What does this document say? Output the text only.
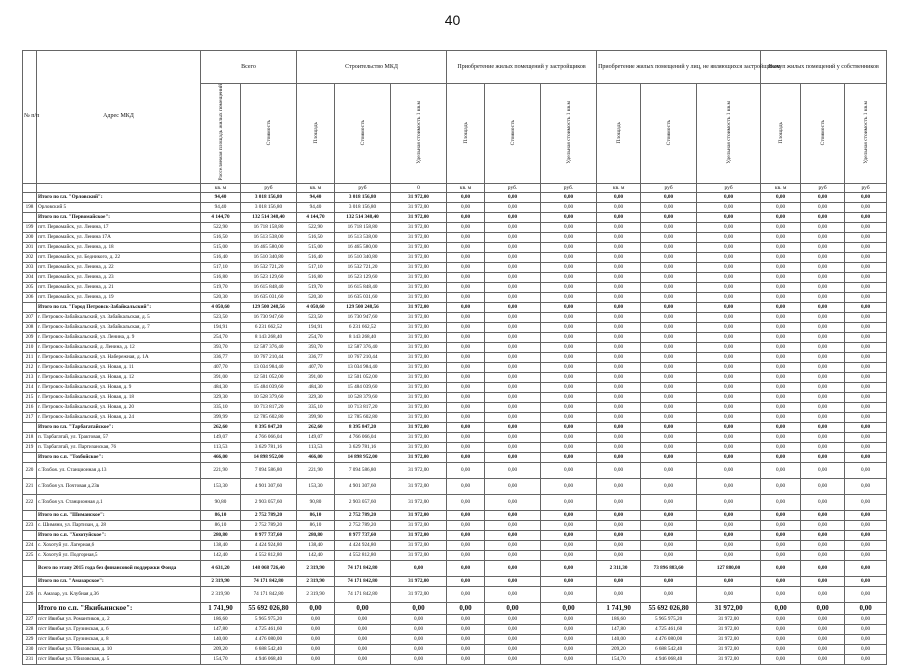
40
№ п/п	Адрес МКД	Всего		Строительство МКД			Приобретение жилых помещений у застройщиков			Приобретение жилых помещений у лиц, не являющихся застройщиком			Выкуп жилых помещений у собственников		
		Расселяемая площадь жилых помещений	Стоимость	Площадь	Стоимость	Удельная стоимость 1 кв.м	Площадь	Стоимость	Удельная стоимость 1 кв.м	Площадь	Стоимость	Удельная стоимость 1 кв.м	Площадь	Стоимость	Удельная стоимость 1 кв.м
		кв. м	руб	кв. м	руб	0	кв. м	руб.	руб.	кв. м	руб	руб	кв. м	руб	руб
	Итого по г.п. "Орловский":	94,40	3 018 156,80	94,40	3 018 156,80	31 972,00	0,00	0,00	0,00	0,00	0,00	0,00	0,00	0,00	0,00
198	Орловский 5	94,40	3 018 156,80	94,40	3 018 156,80	31 972,00	0,00	0,00	0,00	0,00	0,00	0,00	0,00	0,00	0,00
	Итого по г.п. "Первомайское":	4 144,70	132 514 348,40	4 144,70	132 514 348,40	31 972,00	0,00	0,00	0,00	0,00	0,00	0,00	0,00	0,00	0,00
199	пгт. Первомайск, ул. Ленина, 17	522,90	16 718 158,80	522,90	16 718 158,80	31 972,00	0,00	0,00	0,00	0,00	0,00	0,00	0,00	0,00	0,00
200	пгт. Первомайск, ул. Ленина 17А	516,50	16 513 538,00	516,50	16 513 538,00	31 972,00	0,00	0,00	0,00	0,00	0,00	0,00	0,00	0,00	0,00
201	пгт. Первомайск, ул. Ленина, д. 18	515,00	16 465 580,00	515,00	16 465 580,00	31 972,00	0,00	0,00	0,00	0,00	0,00	0,00	0,00	0,00	0,00
202	пгт. Первомайск, ул. Бедникого, д. 22	516,40	16 510 340,80	516,40	16 510 340,80	31 972,00	0,00	0,00	0,00	0,00	0,00	0,00	0,00	0,00	0,00
203	пгт. Первомайск, ул. Ленина, д. 22	517,10	16 532 721,20	517,10	16 532 721,20	31 972,00	0,00	0,00	0,00	0,00	0,00	0,00	0,00	0,00	0,00
204	пгт. Первомайск, ул. Ленина, д. 23	516,80	16 523 129,60	516,80	16 523 129,60	31 972,00	0,00	0,00	0,00	0,00	0,00	0,00	0,00	0,00	0,00
205	пгт. Первомайск, ул. Ленина, д. 21	519,70	16 615 848,40	519,70	16 615 848,40	31 972,00	0,00	0,00	0,00	0,00	0,00	0,00	0,00	0,00	0,00
206	пгт. Первомайск, ул. Ленина, д. 19	520,30	16 635 031,60	520,30	16 635 031,60	31 972,00	0,00	0,00	0,00	0,00	0,00	0,00	0,00	0,00	0,00
	Итого по г.п. "Город Петровск-Забайкальский":	4 050,60	129 500 248,56	4 050,60	129 500 248,56	31 972,00	0,00	0,00	0,00	0,00	0,00	0,00	0,00	0,00	0,00
207	г. Петровск-Забайкальский, ул. Забайкальская, д. 5	523,50	16 730 947,60	523,50	16 730 947,60	31 972,00	0,00	0,00	0,00	0,00	0,00	0,00	0,00	0,00	0,00
208	г. Петровск-Забайкальский, ул. Забайкальская, д. 7	194,91	6 231 662,52	194,91	6 231 662,52	31 972,00	0,00	0,00	0,00	0,00	0,00	0,00	0,00	0,00	0,00
209	г. Петровск-Забайкальский, ул. Ленина, д. 9	254,70	8 143 268,40	254,70	8 143 268,40	31 972,00	0,00	0,00	0,00	0,00	0,00	0,00	0,00	0,00	0,00
210	г. Петровск-Забайкальский, д. Ленина, д. 12	393,70	12 587 376,40	393,70	12 587 376,40	31 972,00	0,00	0,00	0,00	0,00	0,00	0,00	0,00	0,00	0,00
211	г. Петровск-Забайкальский, ул. Набережная, д. 1А	336,77	10 767 210,44	336,77	10 767 210,44	31 972,00	0,00	0,00	0,00	0,00	0,00	0,00	0,00	0,00	0,00
212	г. Петровск-Забайкальский, ул. Новая, д. 11	407,70	13 034 984,40	407,70	13 034 984,40	31 972,00	0,00	0,00	0,00	0,00	0,00	0,00	0,00	0,00	0,00
213	г. Петровск-Забайкальский, ул. Новая, д. 12	391,00	12 501 052,00	391,00	12 501 052,00	31 972,00	0,00	0,00	0,00	0,00	0,00	0,00	0,00	0,00	0,00
214	г. Петровск-Забайкальский, ул. Новая, д. 9	484,30	15 484 039,60	484,30	15 484 039,60	31 972,00	0,00	0,00	0,00	0,00	0,00	0,00	0,00	0,00	0,00
215	г. Петровск-Забайкальский, ул. Новая, д. 18	329,30	10 528 379,60	329,30	10 528 379,60	31 972,00	0,00	0,00	0,00	0,00	0,00	0,00	0,00	0,00	0,00
216	г. Петровск-Забайкальский, ул. Новая, д. 20	335,10	10 713 817,20	335,10	10 713 817,20	31 972,00	0,00	0,00	0,00	0,00	0,00	0,00	0,00	0,00	0,00
217	г. Петровск-Забайкальский, ул. Новая, д. 24	399,99	12 785 602,80	399,90	12 785 602,80	31 972,00	0,00	0,00	0,00	0,00	0,00	0,00	0,00	0,00	0,00
	Итого по г.п. "Тарбагатайское":	262,60	8 395 847,20	262,60	8 395 847,20	31 972,00	0,00	0,00	0,00	0,00	0,00	0,00	0,00	0,00	0,00
218	п. Тарбагатай, ул. Трактовая, 57	149,07	4 766 066,04	149,07	4 766 066,04	31 972,00	0,00	0,00	0,00	0,00	0,00	0,00	0,00	0,00	0,00
219	п. Тарбагатай, ул. Партизанская, 76	113,53	3 629 781,16	113,53	3 629 781,16	31 972,00	0,00	0,00	0,00	0,00	0,00	0,00	0,00	0,00	0,00
	Итого по с.п. "Тохбойское":	466,00	14 898 952,00	466,00	14 898 952,00	31 972,00	0,00	0,00	0,00	0,00	0,00	0,00	0,00	0,00	0,00
220	с.Тохбоя. ул. Станционная д.13	221,90	7 094 586,80	221,90	7 094 586,80	31 972,00	0,00	0,00	0,00	0,00	0,00	0,00	0,00	0,00	0,00
221	с.Тохбоя ул. Почтовая д.23в	153,30	4 901 307,60	153,30	4 901 307,60	31 972,00	0,00	0,00	0,00	0,00	0,00	0,00	0,00	0,00	0,00
222	с.Тохбоя ул. Станционная д.1	90,80	2 903 057,60	90,80	2 903 057,60	31 972,00	0,00	0,00	0,00	0,00	0,00	0,00	0,00	0,00	0,00
	Итого по с.п. "Шиманское":	86,10	2 752 789,20	86,10	2 752 789,20	31 972,00	0,00	0,00	0,00	0,00	0,00	0,00	0,00	0,00	0,00
223	с. Шимяни, ул. Партизан, д. 28	86,10	2 752 789,20	86,10	2 752 789,20	31 972,00	0,00	0,00	0,00	0,00	0,00	0,00	0,00	0,00	0,00
	Итого по с.п. "Хохотуйское":	280,80	8 977 737,60	280,80	8 977 737,60	31 972,00	0,00	0,00	0,00	0,00	0,00	0,00	0,00	0,00	0,00
224	с. Хохотуй ул. Лагерная,6	138,40	4 424 924,80	138,40	4 424 924,80	31 972,00	0,00	0,00	0,00	0,00	0,00	0,00	0,00	0,00	0,00
225	с. Хохотуй ул. Подгорная,5	142,40	4 552 812,80	142,40	4 552 812,80	31 972,00	0,00	0,00	0,00	0,00	0,00	0,00	0,00	0,00	0,00
	Всего по этапу 2015 года без финансовой поддержки Фонда	4 631,20	148 068 726,40	2 319,90	74 171 842,80	0,00	0,00	0,00	0,00	2 311,30	73 896 883,60	127 880,00	0,00	0,00	0,00
	Итого по г.п. "Амазарское":	2 319,90	74 171 842,80	2 319,90	74 171 842,80	31 972,00	0,00	0,00	0,00	0,00	0,00	0,00	0,00	0,00	0,00
226	п. Амазар, ул. Клубная д.36	2 319,90	74 171 842,80	2 319,90	74 171 842,80	31 972,00	0,00	0,00	0,00	0,00	0,00	0,00	0,00	0,00	0,00
	Итого по с.п. "Якибьинское":	1 741,90	55 692 026,80	0,00	0,00	0,00	0,00	0,00	0,00	1 741,90	55 692 026,80	31 972,00	0,00	0,00	0,00
227	п/ст Ивибья ул. Романтиков, д. 2	186,60	5 965 975,20	0,00	0,00	0,00	0,00	0,00	0,00	186,60	5 965 975,20	31 972,00	0,00	0,00	0,00
228	п/ст Ивибья ул. Грузинская, д. 6	147,80	4 725 461,60	0,00	0,00	0,00	0,00	0,00	0,00	147,80	4 725 461,60	31 972,00	0,00	0,00	0,00
229	п/ст Ивибья ул. Грузинская, д. 8	140,00	4 476 080,00	0,00	0,00	0,00	0,00	0,00	0,00	140,00	4 476 080,00	31 972,00	0,00	0,00	0,00
230	п/ст Ивибья ул. Тбиловская, д. 10	209,20	6 688 542,40	0,00	0,00	0,00	0,00	0,00	0,00	209,20	6 688 542,40	31 972,00	0,00	0,00	0,00
231	п/ст Ивибья ул. Тбиловская, д. 5	154,70	4 946 068,40	0,00	0,00	0,00	0,00	0,00	0,00	154,70	4 946 068,40	31 972,00	0,00	0,00	0,00
